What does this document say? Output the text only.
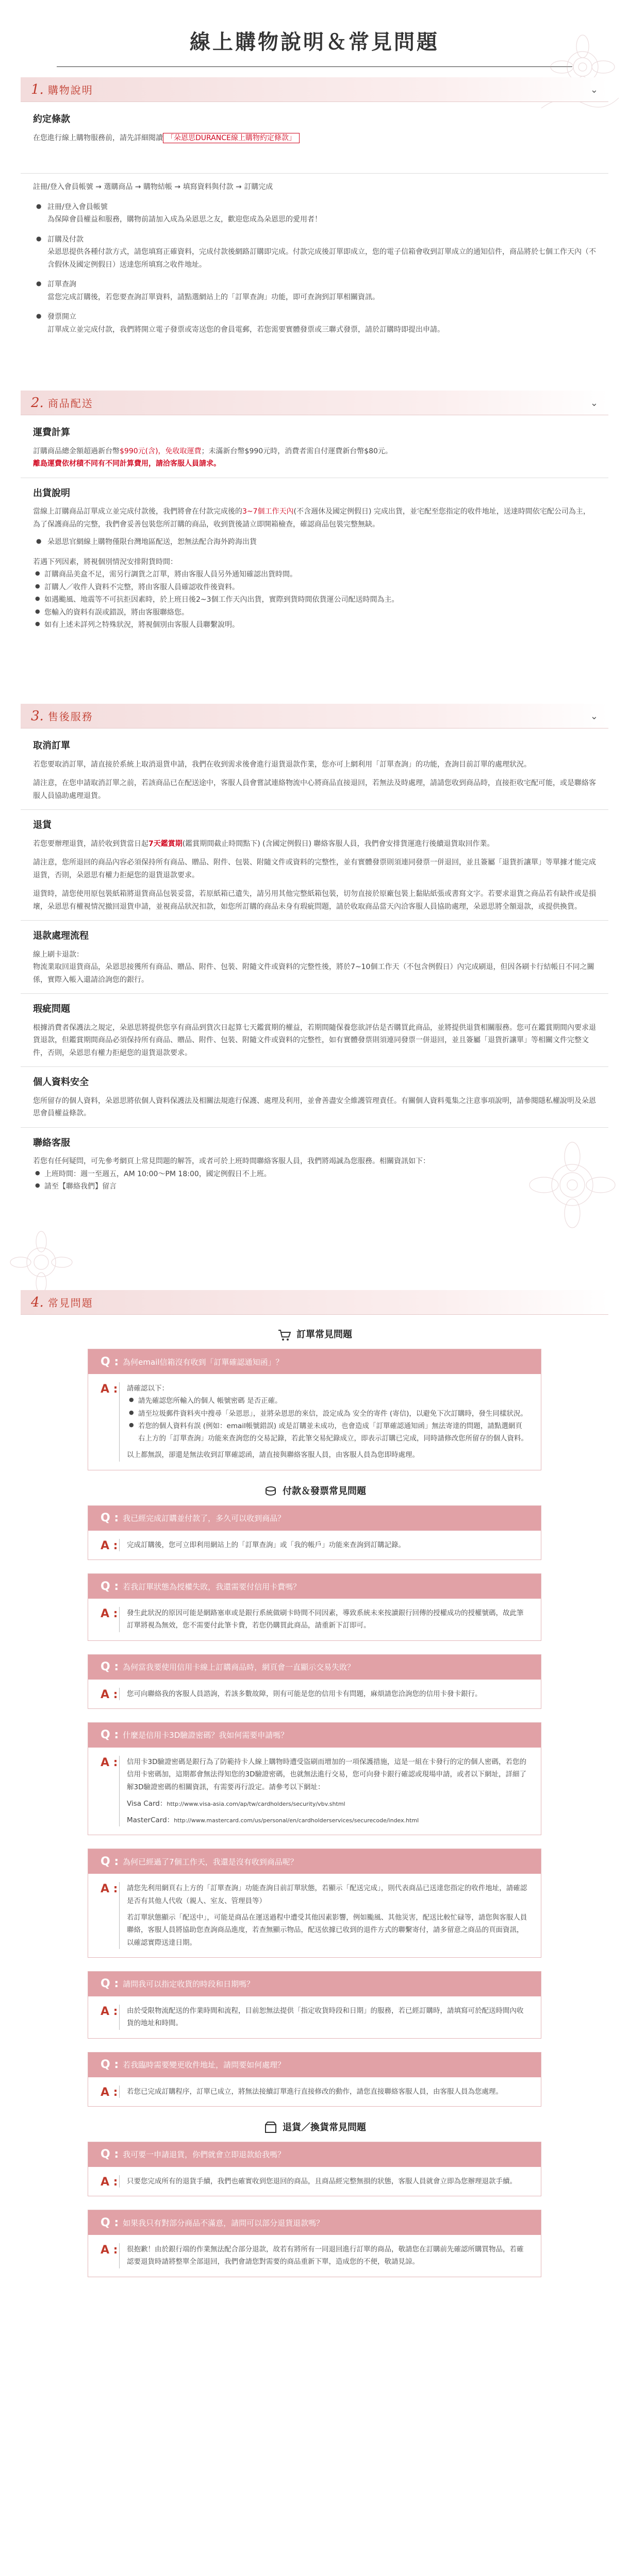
線上購物說明＆常見問題
1. 購物說明	⌄
約定條款

在您進行線上購物服務前，請先詳細閱讀 「朵恩思DURANCE線上購物約定條款」

註冊/登入會員帳號 → 選購商品 → 購物結帳 → 填寫資料與付款 → 訂購完成

● 註冊/登入會員帳號
為保障會員權益和服務，購物前請加入成為朵恩思之友，歡迎您成為朵恩思的愛用者！
● 訂購及付款
朵恩思提供各種付款方式，請您填寫正確資料，完成付款後網路訂購即完成。付款完成後訂單即成立，您的電子信箱會收到訂單成立的通知信件，商品將於七個工作天內（不含假休及國定例假日）送達您所填寫之收件地址。
● 訂單查詢
當您完成訂購後，若您要查詢訂單資料，請點選網站上的「訂單查詢」功能，即可查詢到訂單相關資訊。
● 發票開立
訂單成立並完成付款，我們將開立電子發票或寄送您的會員電郵，若您需要實體發票或三聯式發票，請於訂購時即提出申請。
2. 商品配送	⌄
運費計算

訂購商品總金額超過新台幣$990元(含)，免收取運費；未滿新台幣$990元時，消費者需自付運費新台幣$80元。
離島運費依材積不同有不同計算費用，請洽客服人員請求。

出貨說明

當線上訂購商品訂單成立並完成付款後，我們將會在付款完成後的3~7個工作天內(不含週休及國定例假日) 完成出貨，並宅配至您指定的收件地址，送達時間依宅配公司為主，為了保護商品的完整，我們會妥善包裝您所訂購的商品，收到貨後請立即開箱檢查，確認商品包裝完整無缺。

● 朵恩思官網線上購物僅限台灣地區配送，恕無法配合海外跨海出貨

若遇下列因素，將視個別情況安排附貨時間：

● 訂購商品美盒不足，需另行調貨之訂單，將由客服人員另外通知確認出貨時間。
● 訂購人／收件人資料不完整，將由客服人員確認收件後資料。
● 如遇颱風、地震等不可抗拒因素時，於上班日後2~3個工作天內出貨，實際到貨時間依貨運公司配送時間為主。
● 您輸入的資料有誤或錯誤，將由客服聯絡您。
● 如有上述未詳列之特殊狀況，將視個別由客服人員聯繫說明。
3. 售後服務	⌄
取消訂單

若您要取消訂單，請直接於系統上取消退貨申請，我們在收到需求後會進行退貨退款作業，您亦可上網利用「訂單查詢」的功能，查詢目前訂單的處理狀況。

請注意，在您申請取消訂單之前，若該商品已在配送途中，客服人員會嘗試連絡物流中心將商品直接退回，若無法及時處理，請請您收到商品時，直接拒收宅配可能，或是聯絡客服人員協助處理退貨。

退貨

若您要辦理退貨，請於收到貨當日起7天鑑賞期(鑑賞期間截止時間點下) (含國定例假日) 聯絡客服人員，我們會安排貨運進行後續退貨取回作業。

請注意，您所退回的商品內容必須保持所有商品、贈品、附件、包裝、附隨文件或資料的完整性，並有實體發票則須連同發票一併退回，並且簽屬「退貨折讓單」等單據才能完成退貨，否則，朵恩思有權力拒絕您的退貨退款要求。

退貨時，請您使用原包裝紙箱將退貨商品包裝妥當，若原紙箱已遺失，請另用其他完整紙箱包裝，切勿直接於原廠包裝上黏貼紙張或書寫文字。若要求退貨之商品若有缺件或是損壞，朵恩思有權視情況撤回退貨申請，並視商品狀況扣款，如您所訂購的商品未身有瑕疵問題，請於收取商品當天內洽客服人員協助處理，朵恩思將全額退款，或提供換貨。

退款處理流程

線上刷卡退款：
物流業取回退貨商品，朵恩思接獲所有商品、贈品、附件、包裝、附隨文件或資料的完整性後，將於7~10個工作天（不包含例假日）內完成刷退，但因各刷卡行結帳日不同之關係，實際入帳入還請洽詢您的銀行。

瑕疵問題

根據消費者保護法之規定，朵恩思將提供您享有商品到貨次日起算七天鑑賞期的權益，若期間隨保養您欲評估是否購買此商品，並將提供退貨相關服務。您可在鑑賞期間內要求退貨退款，但鑑賞期間商品必須保持所有商品、贈品、附件、包裝、附隨文件或資料的完整性，如有實體發票則須連同發票一併退回，並且簽屬「退貨折讓單」等相關文件完整文件，否則，朵恩思有權力拒絕您的退貨退款要求。

個人資料安全

您所留存的個人資料，朵恩思將依個人資料保護法及相關法規進行保護、處理及利用，並會善盡安全維護管理責任。有關個人資料蒐集之注意事項說明，請參閱隱私權說明及朵恩思會員權益條款。

聯絡客服

若您有任何疑問，可先參考網頁上常見問題的解答，或者可於上班時間聯絡客服人員，我們將竭誠為您服務。相關資訊如下：

● 上班時間：週一至週五，AM 10:00～PM 18:00，國定例假日不上班。
● 請至【聯絡我們】留言
4. 常見問題
訂單常見問題
Q : 為何email信箱沒有收到「訂單確認通知函」？
A : 請確認以下：
● 請先確認您所輸入的個人 帳號密碼 是否正確。
● 請至垃圾郵件資料夾中搜尋「朵恩思」，並將朵恩思的來信，設定成為 安全的寄件 (寄信)，以避免下次訂購時，發生同樣狀況。
● 若您的個人資料有誤 (例如：email帳號錯誤) 或是訂購並未成功，也會造成「訂單確認通知函」無法寄達的問題，請點選網頁右上方的「訂單查詢」功能來查詢您的交易記錄，若此筆交易紀錄成立，即表示訂購已完成，同時請修改您所留存的個人資料。
以上都無誤，卻還是無法收到訂單確認函，請直接與聯絡客服人員，由客服人員為您即時處理。
付款＆發票常見問題
Q : 我已經完成訂購並付款了，多久可以收到商品？
A :	完成訂購後，您可立即利用網站上的「訂單查詢」或「我的帳戶」功能來查詢到訂購記錄。
Q : 若我訂單狀態為授權失敗，我還需要付信用卡費嗎？
A :	發生此狀況的原因可能是網路塞車或是銀行系統做刷卡時間不同因素，導致系統未來按讀銀行回傳的授權成功的授權號碼，故此筆訂單將視為無效，您不需要付此筆卡費，若您仍購買此商品，請重新下訂即可。
Q : 為何當我要使用信用卡線上訂購商品時，網頁會一直顯示交易失敗？
A :	您可向聯絡我的客服人員諮詢，若該多數故障，則有可能是您的信用卡有問題，麻煩請您洽詢您的信用卡發卡銀行。
Q : 什麼是信用卡3D驗證密碼？我如何需要申請嗎？
A : 信用卡3D驗證密碼是銀行為了防範持卡人線上購物時遭受盜刷而增加的一項保護措施，這是一組在卡發行的定的個人密碼，若您的信用卡密碼加，這期都會無法得知您的3D驗證密碼，也就無法進行交易，您可向發卡銀行確認或現場申請，或者以下網址，詳細了解3D驗證密碼的相關資訊，有需要再行設定。請參考以下網址：
Visa Card：http://www.visa-asia.com/ap/tw/cardholders/security/vbv.shtml
MasterCard：http://www.mastercard.com/us/personal/en/cardholderservices/securecode/index.html
Q : 為何已經過了7個工作天，我還是沒有收到商品呢？
A : 請您先利用網頁右上方的「訂單查詢」功能查詢目前訂單狀態，若顯示「配送完成」，則代表商品已送達您指定的收件地址，請確認是否有其他人代收（親人、室友、管理員等）
若訂單狀態顯示「配送中」，可能是商品在運送過程中遭受其他因素影響，例如颱風、其他災害，配送比較忙碌等，請您與客服人員聯絡，客服人員將協助您查詢商品進度，若查無顯示物品，配送依據已收到的退件方式的聯繫寄付，請多留意之商品的頁面資訊，以確認實際送達日期。
Q : 請問我可以指定收貨的時段和日期嗎？
A :	由於受限物流配送的作業時間和流程，目前恕無法提供「指定收貨時段和日期」的服務，若已經訂購時，請填寫可於配送時間內收貨的地址和時間。
Q : 若我臨時需要變更收件地址，請問要如何處理？
A :	若您已完成訂購程序，訂單已成立，將無法接續訂單進行直接修改的動作，請您直接聯絡客服人員，由客服人員為您處理。
退貨／換貨常見問題
Q : 我可要一申請退貨，你們就會立即退款給我嗎？
A :	只要您完成所有的退貨手續，我們也確實收到您退回的商品，且商品經完整無損的狀態，客服人員就會立即為您辦理退款手續。
Q : 如果我只有對部分商品不滿意，請問可以部分退貨退款嗎？
A :	很抱歉！由於銀行端的作業無法配合部分退款，故若有將所有一同退回進行訂單的商品，敬請您在訂購前先確認所購買物品，若確認要退貨時請將整單全部退回，我們會請您對需要的商品重新下單，造成您的不便，敬請見諒。
